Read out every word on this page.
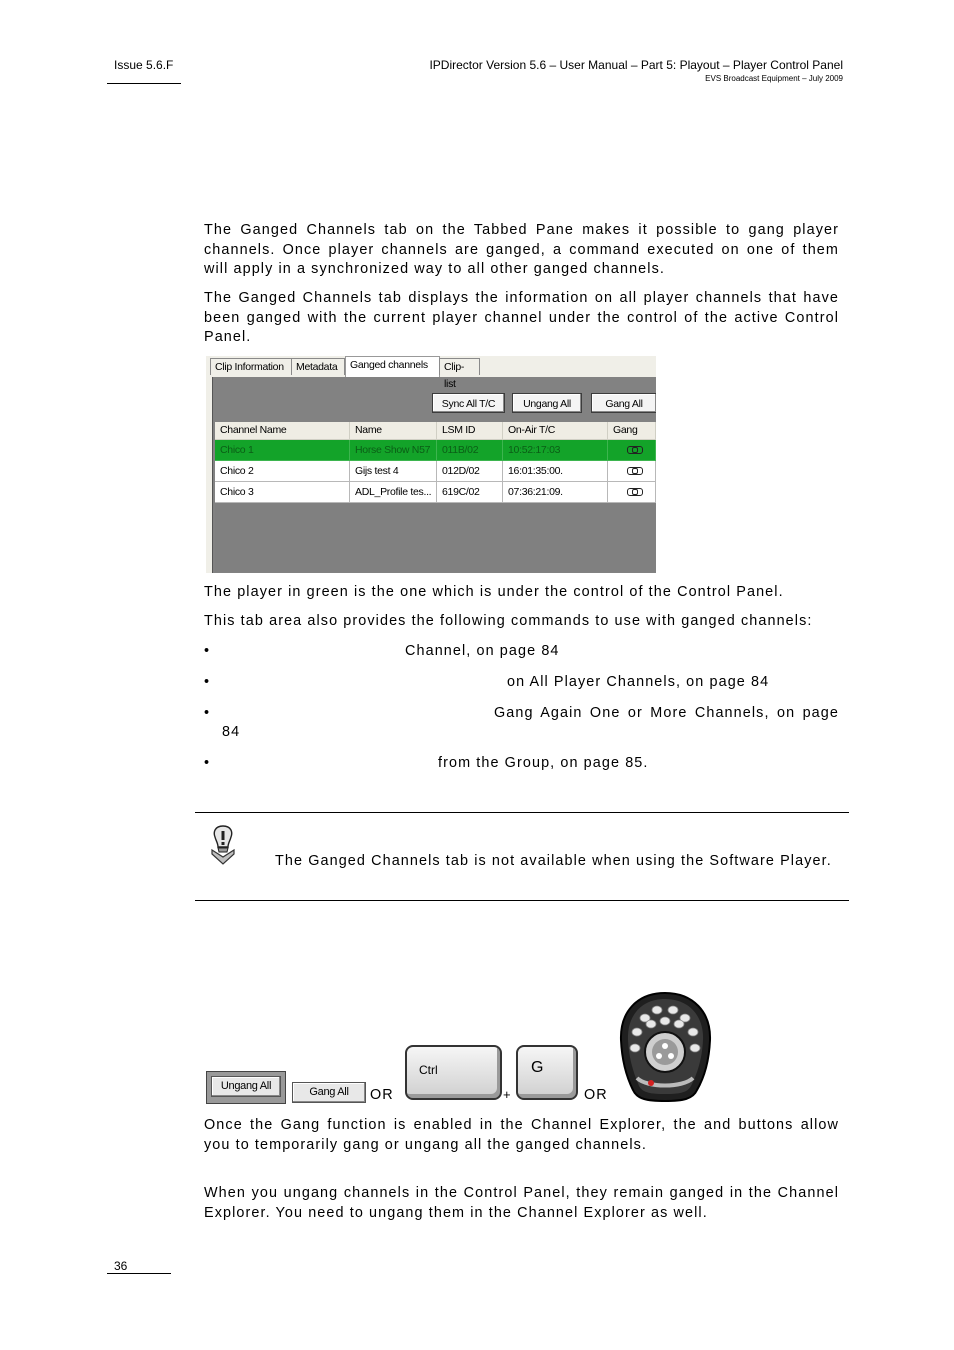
Issue 5.6.F	IPDirector Version 5.6 – User Manual – Part 5: Playout – Player Control Panel
EVS Broadcast Equipment – July 2009
The Ganged Channels tab on the Tabbed Pane makes it possible to gang player channels. Once player channels are ganged, a command executed on one of them will apply in a synchronized way to all other ganged channels.
The Ganged Channels tab displays the information on all player channels that have been ganged with the current player channel under the control of the active Control Panel.
Clip Information	Metadata	Ganged channels	Clip-list
Sync All T/C	Ungang All	Gang All
Channel Name	Name	LSM ID	On-Air T/C	Gang
Chico 1	Horse Show N57	011B/02	10:52:17:03
Chico 2	Gijs test 4	012D/02	16:01:35:00.
Chico 3	ADL_Profile tes...	619C/02	07:36:21:09.
The player in green is the one which is under the control of the Control Panel.
This tab area also provides the following commands to use with ganged channels:
•	Channel, on page 84
•	on All Player Channels, on page 84
•	Gang Again One or More Channels, on page
84
•	from the Group, on page 85.
The Ganged Channels tab is not available when using the Software Player.
Ungang All	Gang All	OR
Ctrl
+
G
OR
Once the Gang function is enabled in the Channel Explorer, the and buttons allow you to temporarily gang or ungang all the ganged channels.
When you ungang channels in the Control Panel, they remain ganged in the Channel Explorer. You need to ungang them in the Channel Explorer as well.
36
